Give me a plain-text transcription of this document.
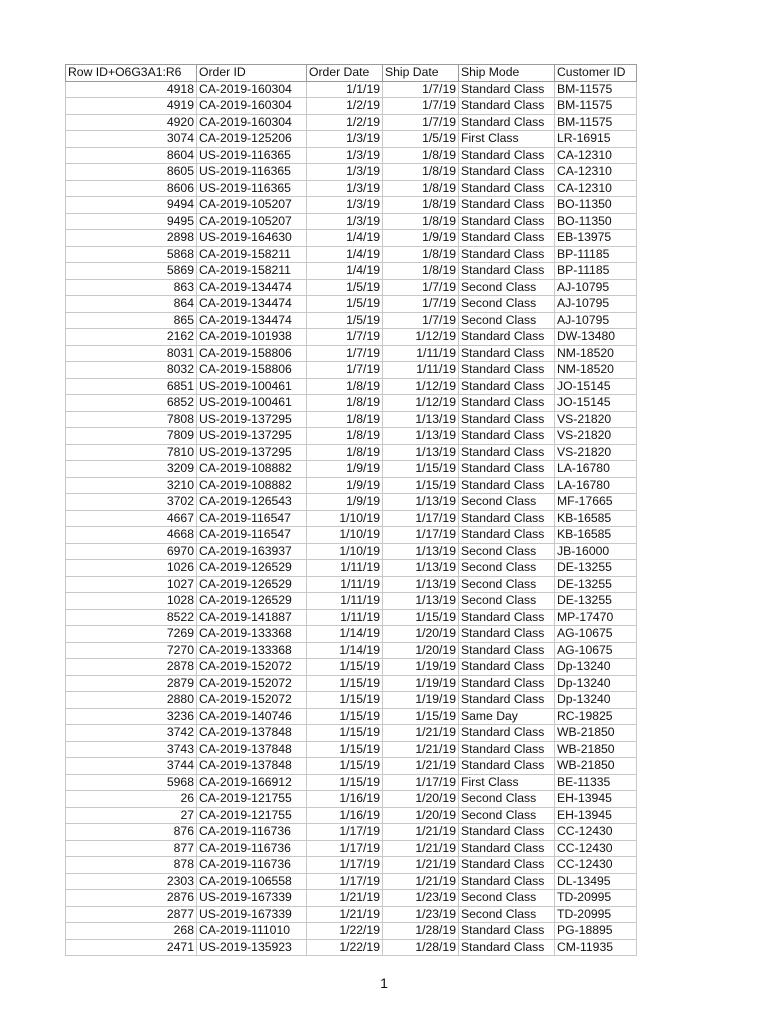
Row ID+O6G3A1:R6	Order ID	Order Date	Ship Date	Ship Mode	Customer ID
4918	CA-2019-160304	1/1/19	1/7/19	Standard Class	BM-11575
4919	CA-2019-160304	1/2/19	1/7/19	Standard Class	BM-11575
4920	CA-2019-160304	1/2/19	1/7/19	Standard Class	BM-11575
3074	CA-2019-125206	1/3/19	1/5/19	First Class	LR-16915
8604	US-2019-116365	1/3/19	1/8/19	Standard Class	CA-12310
8605	US-2019-116365	1/3/19	1/8/19	Standard Class	CA-12310
8606	US-2019-116365	1/3/19	1/8/19	Standard Class	CA-12310
9494	CA-2019-105207	1/3/19	1/8/19	Standard Class	BO-11350
9495	CA-2019-105207	1/3/19	1/8/19	Standard Class	BO-11350
2898	US-2019-164630	1/4/19	1/9/19	Standard Class	EB-13975
5868	CA-2019-158211	1/4/19	1/8/19	Standard Class	BP-11185
5869	CA-2019-158211	1/4/19	1/8/19	Standard Class	BP-11185
863	CA-2019-134474	1/5/19	1/7/19	Second Class	AJ-10795
864	CA-2019-134474	1/5/19	1/7/19	Second Class	AJ-10795
865	CA-2019-134474	1/5/19	1/7/19	Second Class	AJ-10795
2162	CA-2019-101938	1/7/19	1/12/19	Standard Class	DW-13480
8031	CA-2019-158806	1/7/19	1/11/19	Standard Class	NM-18520
8032	CA-2019-158806	1/7/19	1/11/19	Standard Class	NM-18520
6851	US-2019-100461	1/8/19	1/12/19	Standard Class	JO-15145
6852	US-2019-100461	1/8/19	1/12/19	Standard Class	JO-15145
7808	US-2019-137295	1/8/19	1/13/19	Standard Class	VS-21820
7809	US-2019-137295	1/8/19	1/13/19	Standard Class	VS-21820
7810	US-2019-137295	1/8/19	1/13/19	Standard Class	VS-21820
3209	CA-2019-108882	1/9/19	1/15/19	Standard Class	LA-16780
3210	CA-2019-108882	1/9/19	1/15/19	Standard Class	LA-16780
3702	CA-2019-126543	1/9/19	1/13/19	Second Class	MF-17665
4667	CA-2019-116547	1/10/19	1/17/19	Standard Class	KB-16585
4668	CA-2019-116547	1/10/19	1/17/19	Standard Class	KB-16585
6970	CA-2019-163937	1/10/19	1/13/19	Second Class	JB-16000
1026	CA-2019-126529	1/11/19	1/13/19	Second Class	DE-13255
1027	CA-2019-126529	1/11/19	1/13/19	Second Class	DE-13255
1028	CA-2019-126529	1/11/19	1/13/19	Second Class	DE-13255
8522	CA-2019-141887	1/11/19	1/15/19	Standard Class	MP-17470
7269	CA-2019-133368	1/14/19	1/20/19	Standard Class	AG-10675
7270	CA-2019-133368	1/14/19	1/20/19	Standard Class	AG-10675
2878	CA-2019-152072	1/15/19	1/19/19	Standard Class	Dp-13240
2879	CA-2019-152072	1/15/19	1/19/19	Standard Class	Dp-13240
2880	CA-2019-152072	1/15/19	1/19/19	Standard Class	Dp-13240
3236	CA-2019-140746	1/15/19	1/15/19	Same Day	RC-19825
3742	CA-2019-137848	1/15/19	1/21/19	Standard Class	WB-21850
3743	CA-2019-137848	1/15/19	1/21/19	Standard Class	WB-21850
3744	CA-2019-137848	1/15/19	1/21/19	Standard Class	WB-21850
5968	CA-2019-166912	1/15/19	1/17/19	First Class	BE-11335
26	CA-2019-121755	1/16/19	1/20/19	Second Class	EH-13945
27	CA-2019-121755	1/16/19	1/20/19	Second Class	EH-13945
876	CA-2019-116736	1/17/19	1/21/19	Standard Class	CC-12430
877	CA-2019-116736	1/17/19	1/21/19	Standard Class	CC-12430
878	CA-2019-116736	1/17/19	1/21/19	Standard Class	CC-12430
2303	CA-2019-106558	1/17/19	1/21/19	Standard Class	DL-13495
2876	US-2019-167339	1/21/19	1/23/19	Second Class	TD-20995
2877	US-2019-167339	1/21/19	1/23/19	Second Class	TD-20995
268	CA-2019-111010	1/22/19	1/28/19	Standard Class	PG-18895
2471	US-2019-135923	1/22/19	1/28/19	Standard Class	CM-11935
1
